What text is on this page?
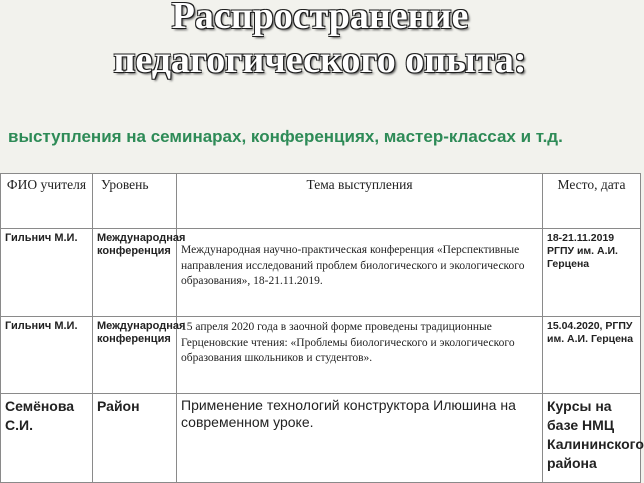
Распространение
педагогического опыта:
выступления на семинарах, конференциях, мастер-классах и т.д.
ФИО учителя	Уровень	Тема выступления	Место, дата
Гильнич М.И.	Международная конференция	Международная научно-практическая конференция «Перспективные направления исследований проблем биологического и экологического образования», 18-21.11.2019.	18-21.11.2019 РГПУ им. А.И. Герцена
Гильнич М.И.	Международная конференция	15 апреля 2020 года в заочной форме проведены традиционные Герценовские чтения: «Проблемы биологического и экологического образования школьников и студентов».	15.04.2020, РГПУ им. А.И. Герцена
Семёнова С.И.	Район	Применение технологий конструктора Илюшина на современном уроке.	Курсы на базе НМЦ Калининского района
